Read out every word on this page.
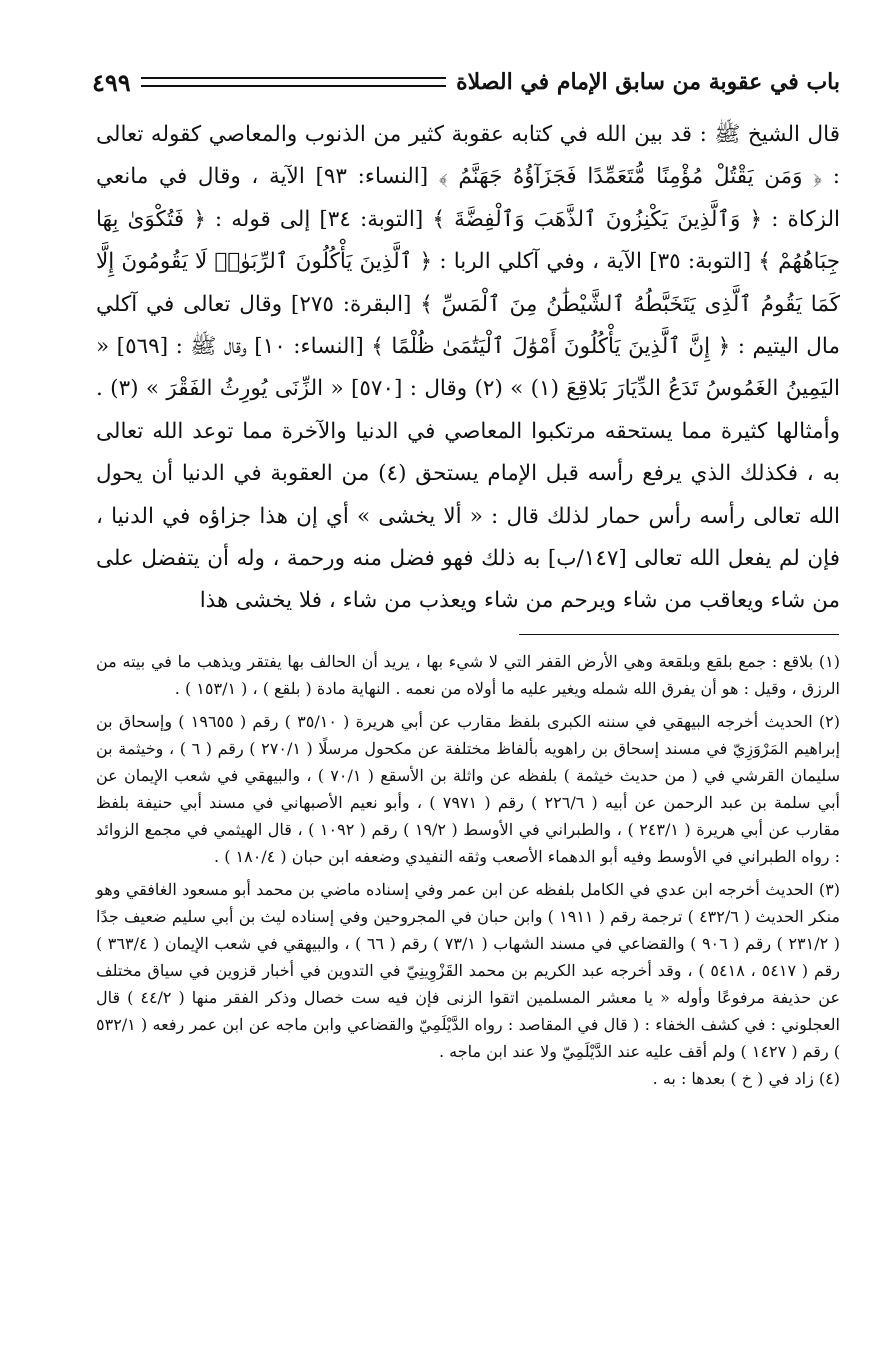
باب في عقوبة من سابق الإمام في الصلاة
٤٩٩

قال الشيخ ﷺ : قد بين الله في كتابه عقوبة كثير من الذنوب والمعاصي كقوله تعالى : ﴿ وَمَن يَقْتُلْ مُؤْمِنًا مُّتَعَمِّدًا فَجَزَآؤُهُ جَهَنَّمُ ﴾ [النساء: ٩٣] الآية ، وقال في مانعي الزكاة : ﴿ وَٱلَّذِينَ يَكْنِزُونَ ٱلذَّهَبَ وَٱلْفِضَّةَ ﴾ [التوبة: ٣٤] إلى قوله : ﴿ فَتُكْوَىٰ بِهَا جِبَاهُهُمْ ﴾ [التوبة: ٣٥] الآية ، وفي آكلي الربا : ﴿ ٱلَّذِينَ يَأْكُلُونَ ٱلرِّبَوٰا۟ لَا يَقُومُونَ إِلَّا كَمَا يَقُومُ ٱلَّذِى يَتَخَبَّطُهُ ٱلشَّيْطَٰنُ مِنَ ٱلْمَسِّ ﴾ [البقرة: ٢٧٥] وقال تعالى في آكلي مال اليتيم : ﴿ إِنَّ ٱلَّذِينَ يَأْكُلُونَ أَمْوَٰلَ ٱلْيَتَٰمَىٰ ظُلْمًا ﴾ [النساء: ١٠] وقال ﷺ : [٥٦٩] « اليَمِينُ الغَمُوسُ تَدَعُ الدِّيَارَ بَلاقِعَ (١) » (٢) وقال : [٥٧٠] « الزِّنَى يُورِثُ الفَقْرَ » (٣) . وأمثالها كثيرة مما يستحقه مرتكبوا المعاصي في الدنيا والآخرة مما توعد الله تعالى به ، فكذلك الذي يرفع رأسه قبل الإمام يستحق (٤) من العقوبة في الدنيا أن يحول الله تعالى رأسه رأس حمار لذلك قال : « ألا يخشى » أي إن هذا جزاؤه في الدنيا ، فإن لم يفعل الله تعالى [١٤٧/ب] به ذلك فهو فضل منه ورحمة ، وله أن يتفضل على من شاء ويعاقب من شاء ويرحم من شاء ويعذب من شاء ، فلا يخشى هذا

(١) بلاقع : جمع بلقع وبلقعة وهي الأرض القفر التي لا شيء بها ، يريد أن الحالف بها يفتقر ويذهب ما في بيته من الرزق ، وقيل : هو أن يفرق الله شمله ويغير عليه ما أولاه من نعمه . النهاية مادة ( بلقع ) ، ( ١٥٣/١ ) .

(٢) الحديث أخرجه البيهقي في سننه الكبرى بلفظ مقارب عن أبي هريرة ( ٣٥/١٠ ) رقم ( ١٩٦٥٥ ) وإسحاق بن إبراهيم المَرْوَزِيّ في مسند إسحاق بن راهويه بألفاظ مختلفة عن مكحول مرسلًا ( ٢٧٠/١ ) رقم ( ٦ ) ، وخيثمة بن سليمان القرشي في ( من حديث خيثمة ) بلفظه عن واثلة بن الأسقع ( ٧٠/١ ) ، والبيهقي في شعب الإيمان عن أبي سلمة بن عبد الرحمن عن أبيه ( ٢٢٦/٦ ) رقم ( ٧٩٧١ ) ، وأبو نعيم الأصبهاني في مسند أبي حنيفة بلفظ مقارب عن أبي هريرة ( ٢٤٣/١ ) ، والطبراني في الأوسط ( ١٩/٢ ) رقم ( ١٠٩٢ ) ، قال الهيثمي في مجمع الزوائد : رواه الطبراني في الأوسط وفيه أبو الدهماء الأصعب وثقه النفيدي وضعفه ابن حبان ( ١٨٠/٤ ) .

(٣) الحديث أخرجه ابن عدي في الكامل بلفظه عن ابن عمر وفي إسناده ماضي بن محمد أبو مسعود الغافقي وهو منكر الحديث ( ٤٣٢/٦ ) ترجمة رقم ( ١٩١١ ) وابن حبان في المجروحين وفي إسناده ليث بن أبي سليم ضعيف جدًا ( ٢٣١/٢ ) رقم ( ٩٠٦ ) والقضاعي في مسند الشهاب ( ٧٣/١ ) رقم ( ٦٦ ) ، والبيهقي في شعب الإيمان ( ٣٦٣/٤ ) رقم ( ٥٤١٧ ، ٥٤١٨ ) ، وقد أخرجه عبد الكريم بن محمد القَزْوِينِيّ في التدوين في أخبار قزوين في سياق مختلف عن حذيفة مرفوعًا وأوله « يا معشر المسلمين اتقوا الزنى فإن فيه ست خصال وذكر الفقر منها ( ٤٤/٢ ) قال العجلوني : في كشف الخفاء : ( قال في المقاصد : رواه الدَّيْلَمِيّ والقضاعي وابن ماجه عن ابن عمر رفعه ( ٥٣٢/١ ) رقم ( ١٤٢٧ ) ولم أقف عليه عند الدَّيْلَمِيّ ولا عند ابن ماجه .

(٤) زاد في ( خ ) بعدها : به .
